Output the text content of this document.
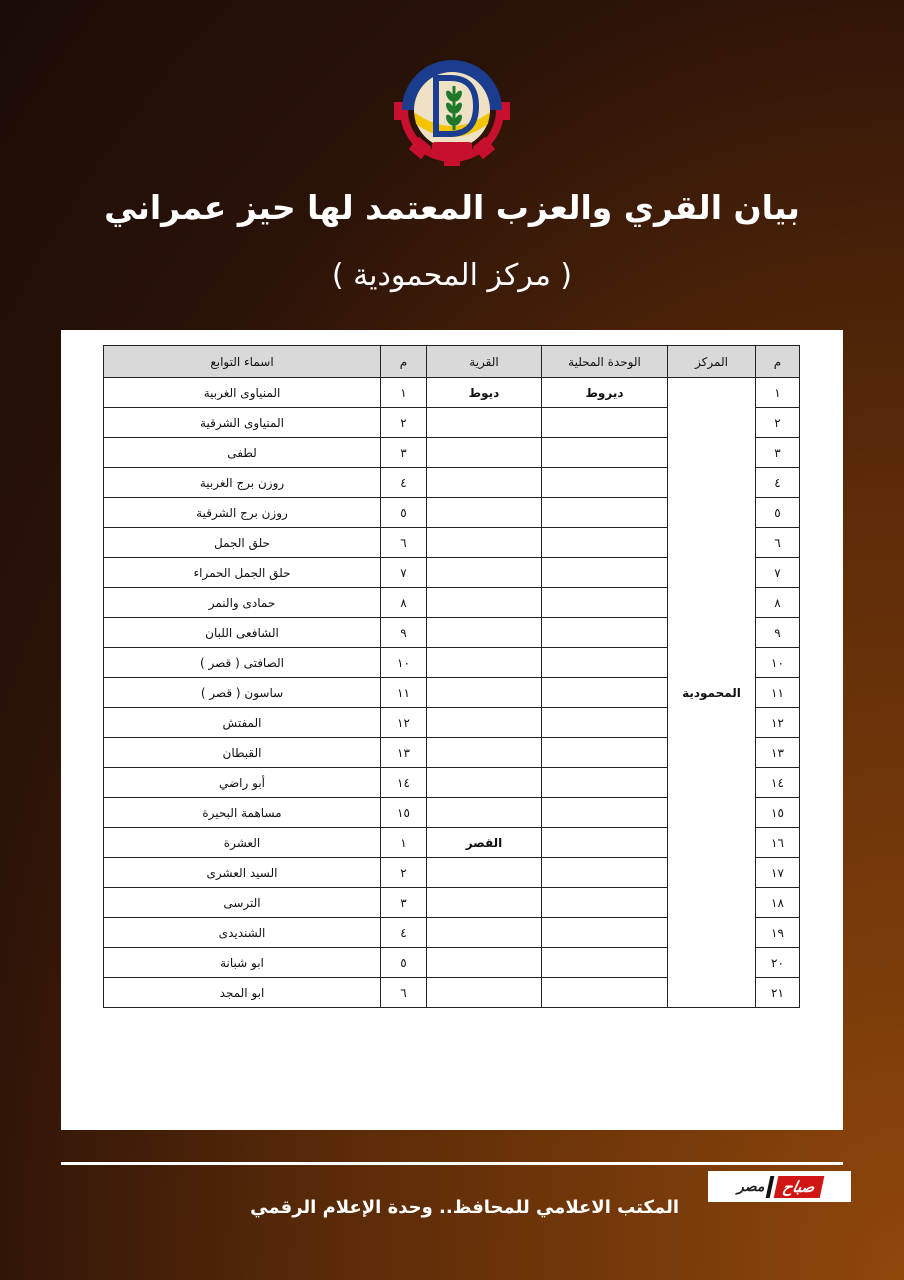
بيان القري والعزب المعتمد لها حيز عمراني
( مركز المحمودية )
م	المركز	الوحدة المحلية	القرية	م	اسماء التوابع
١	المحمودية	ديروط	ديوط	١	المنياوى الغربية
٢				٢	المنياوى الشرقية
٣				٣	لطفى
٤				٤	روزن برج الغربية
٥				٥	روزن برج الشرقية
٦				٦	حلق الجمل
٧				٧	حلق الجمل الحمراء
٨				٨	حمادى والنمر
٩				٩	الشافعى اللبان
١٠				١٠	الصافتى ( قصر )
١١				١١	ساسون ( قصر )
١٢				١٢	المفتش
١٣				١٣	القبطان
١٤				١٤	أبو راضي
١٥				١٥	مساهمة البحيرة
١٦			القصر	١	العشرة
١٧				٢	السيد العشرى
١٨				٣	الترسى
١٩				٤	الشنديدى
٢٠				٥	ابو شبانة
٢١				٦	ابو المجد
صباح
مصر
المكتب الاعلامي للمحافظ.. وحدة الإعلام الرقمي
